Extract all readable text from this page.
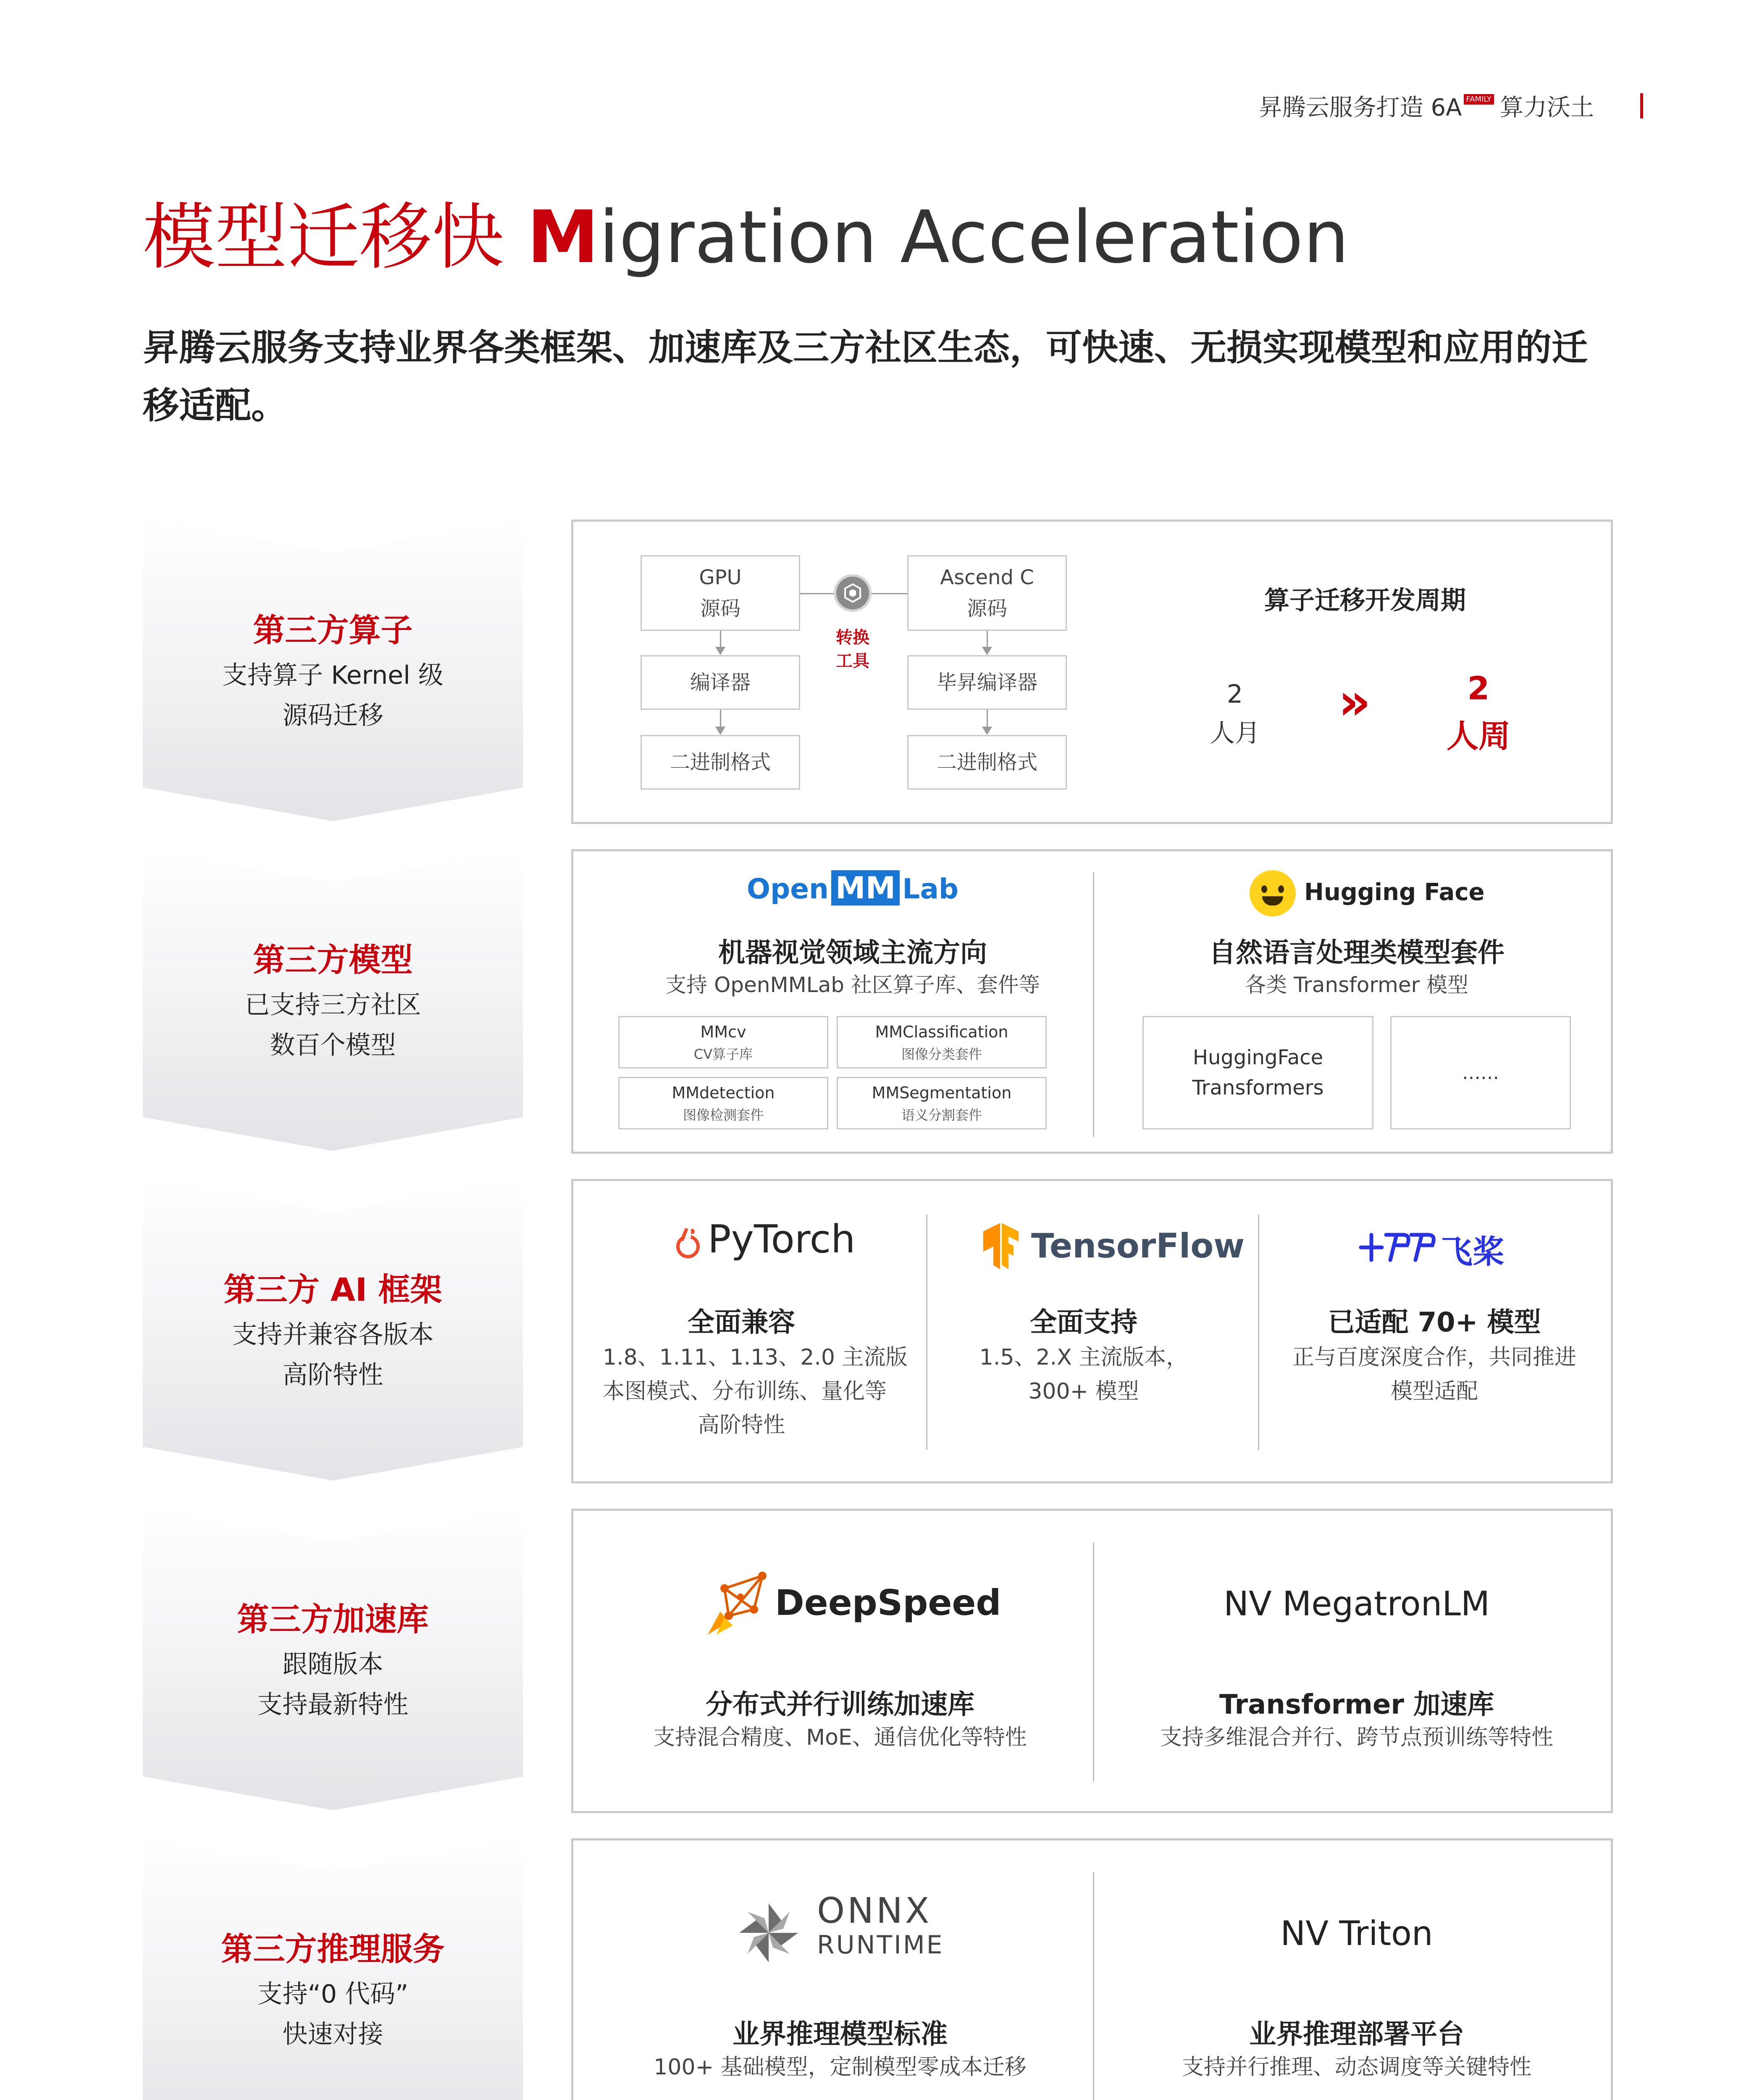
昇腾云服务打造 6A $^{FAMILY}$ 算力沃土
模型迁移快 Migration Acceleration
昇腾云服务支持业界各类框架、加速库及三方社区生态，可快速、无损实现模型和应用的迁移适配。
第三方算子
支持算子 Kernel 级
源码迁移
第三方模型
已支持三方社区
数百个模型
第三方 AI 框架
支持并兼容各版本
高阶特性
第三方加速库
跟随版本
支持最新特性
第三方推理服务
支持“0 代码”
快速对接
GPU
源码
编译器
二进制格式
Ascend C
源码
毕昇编译器
二进制格式
转换
工具
算子迁移开发周期
2
人月
»	2
人周
Open MM Lab
机器视觉领域主流方向
支持 OpenMMLab 社区算子库、套件等
MMcv
CV算子库
MMClassification
图像分类套件
MMdetection
图像检测套件
MMSegmentation
语义分割套件
Hugging Face
自然语言处理类模型套件
各类 Transformer 模型
HuggingFace
Transformers
……
PyTorch
全面兼容
1.8、1.11、1.13、2.0 主流版
本图模式、分布训练、量化等
高阶特性
TensorFlow
全面支持
1.5、2.X 主流版本，
300+ 模型
飞桨
已适配 70+ 模型
正与百度深度合作，共同推进
模型适配
DeepSpeed
分布式并行训练加速库
支持混合精度、MoE、通信优化等特性
NV MegatronLM
Transformer 加速库
支持多维混合并行、跨节点预训练等特性
ONNX
RUNTIME
业界推理模型标准
100+ 基础模型，定制模型零成本迁移
NV Triton
业界推理部署平台
支持并行推理、动态调度等关键特性
